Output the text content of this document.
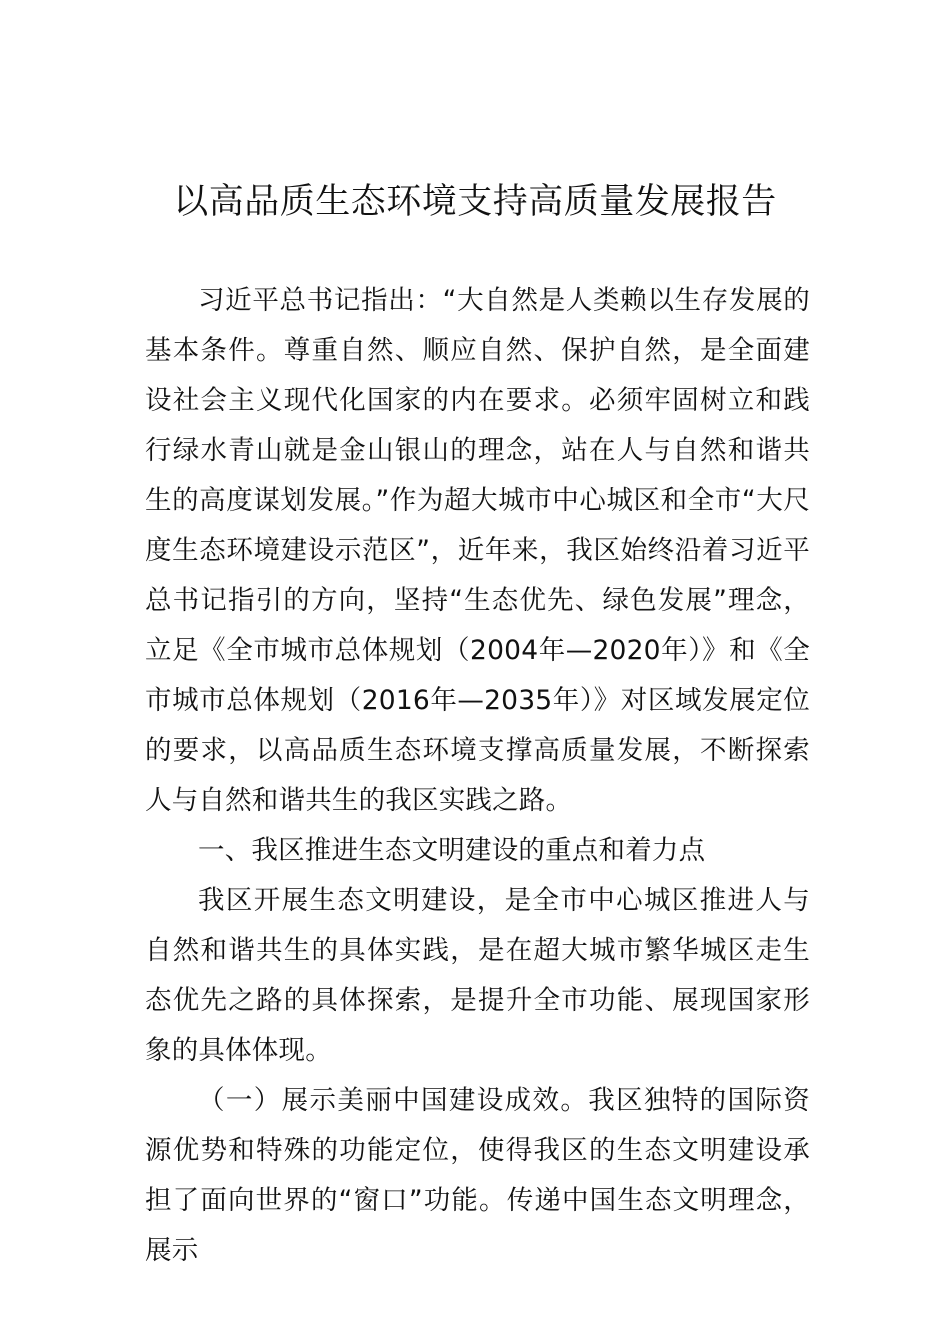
以高品质生态环境支持高质量发展报告

习近平总书记指出：“大自然是人类赖以生存发展的基本条件。尊重自然、顺应自然、保护自然，是全面建设社会主义现代化国家的内在要求。必须牢固树立和践行绿水青山就是金山银山的理念，站在人与自然和谐共生的高度谋划发展。”作为超大城市中心城区和全市“大尺度生态环境建设示范区”，近年来，我区始终沿着习近平总书记指引的方向，坚持“生态优先、绿色发展”理念，立足《全市城市总体规划（2004年—2020年）》和《全市城市总体规划（2016年—2035年）》对区域发展定位的要求，以高品质生态环境支撑高质量发展，不断探索人与自然和谐共生的我区实践之路。

一、我区推进生态文明建设的重点和着力点

我区开展生态文明建设，是全市中心城区推进人与自然和谐共生的具体实践，是在超大城市繁华城区走生态优先之路的具体探索，是提升全市功能、展现国家形象的具体体现。

（一）展示美丽中国建设成效。我区独特的国际资源优势和特殊的功能定位，使得我区的生态文明建设承担了面向世界的“窗口”功能。传递中国生态文明理念，展示
